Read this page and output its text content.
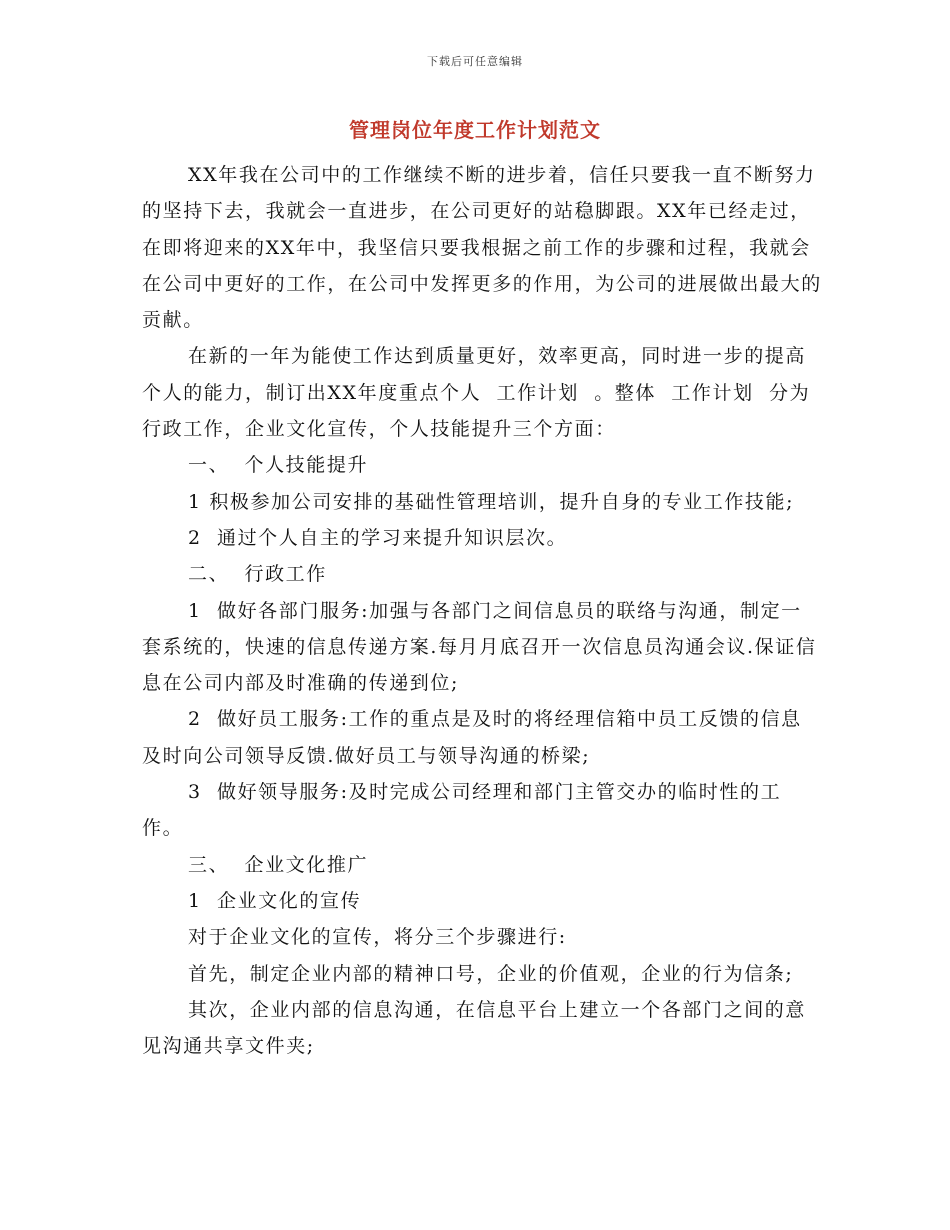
下载后可任意编辑
管理岗位年度工作计划范文

XX年我在公司中的工作继续不断的进步着，信任只要我一直不断努力的坚持下去，我就会一直进步，在公司更好的站稳脚跟。XX年已经走过，在即将迎来的XX年中，我坚信只要我根据之前工作的步骤和过程，我就会在公司中更好的工作，在公司中发挥更多的作用，为公司的进展做出最大的贡献。

在新的一年为能使工作达到质量更好，效率更高，同时进一步的提高个人的能力，制订出XX年度重点个人  工作计划  。整体  工作计划  分为行政工作，企业文化宣传，个人技能提升三个方面：

一、  个人技能提升

1 积极参加公司安排的基础性管理培训，提升自身的专业工作技能;

2  通过个人自主的学习来提升知识层次。

二、  行政工作

1  做好各部门服务:加强与各部门之间信息员的联络与沟通，制定一套系统的，快速的信息传递方案.每月月底召开一次信息员沟通会议.保证信息在公司内部及时准确的传递到位;

2  做好员工服务:工作的重点是及时的将经理信箱中员工反馈的信息及时向公司领导反馈.做好员工与领导沟通的桥梁;

3  做好领导服务:及时完成公司经理和部门主管交办的临时性的工作。

三、  企业文化推广

1  企业文化的宣传

对于企业文化的宣传，将分三个步骤进行:

首先，制定企业内部的精神口号，企业的价值观，企业的行为信条;

其次，企业内部的信息沟通，在信息平台上建立一个各部门之间的意见沟通共享文件夹;
